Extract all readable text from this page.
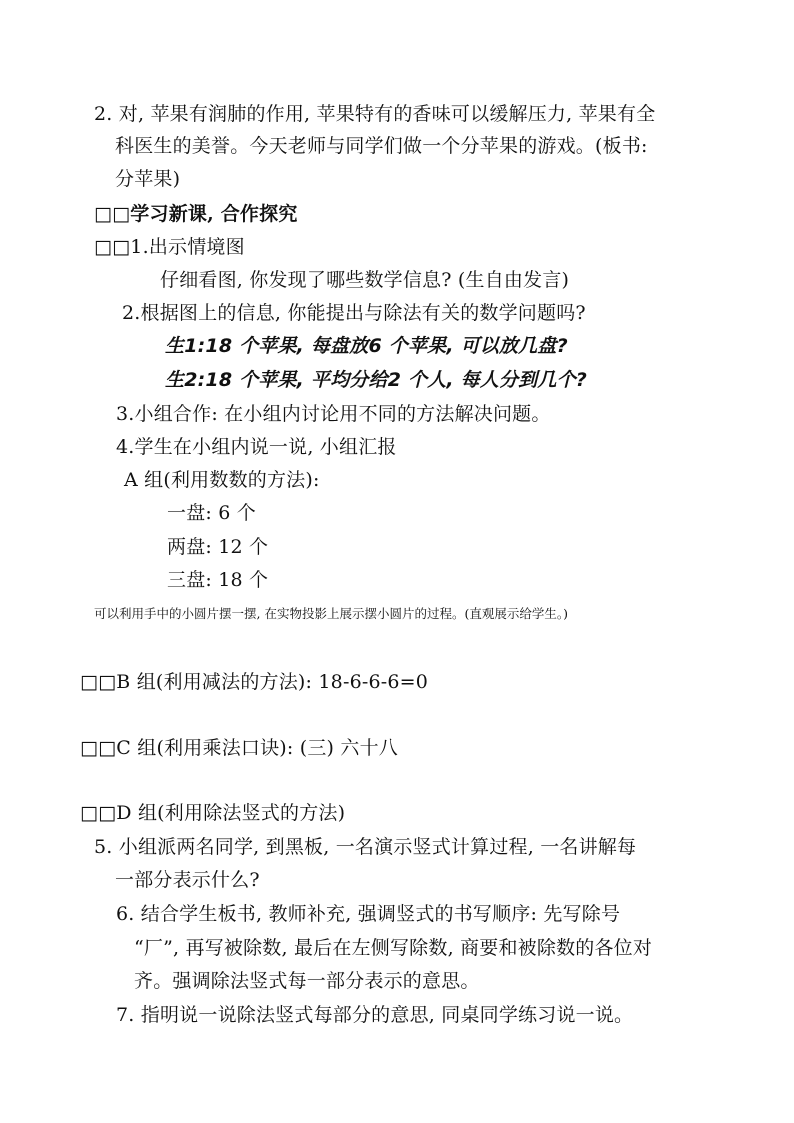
2. 对, 苹果有润肺的作用, 苹果特有的香味可以缓解压力, 苹果有全
科医生的美誉。今天老师与同学们做一个分苹果的游戏。(板书:
分苹果)
□□学习新课, 合作探究
□□1.出示情境图
仔细看图, 你发现了哪些数学信息? (生自由发言)
2.根据图上的信息, 你能提出与除法有关的数学问题吗?
生1:18 个苹果, 每盘放6 个苹果, 可以放几盘?
生2:18 个苹果, 平均分给2 个人, 每人分到几个?
3.小组合作: 在小组内讨论用不同的方法解决问题。
4.学生在小组内说一说, 小组汇报
A 组(利用数数的方法):
一盘: 6 个
两盘: 12 个
三盘: 18 个
可以利用手中的小圆片摆一摆, 在实物投影上展示摆小圆片的过程。(直观展示给学生。)
□□B 组(利用减法的方法): 18-6-6-6=0
□□C 组(利用乘法口诀): (三) 六十八
□□D 组(利用除法竖式的方法)
5. 小组派两名同学, 到黑板, 一名演示竖式计算过程, 一名讲解每
一部分表示什么?
6. 结合学生板书, 教师补充, 强调竖式的书写顺序: 先写除号
“厂”, 再写被除数, 最后在左侧写除数, 商要和被除数的各位对
齐。强调除法竖式每一部分表示的意思。
7. 指明说一说除法竖式每部分的意思, 同桌同学练习说一说。
